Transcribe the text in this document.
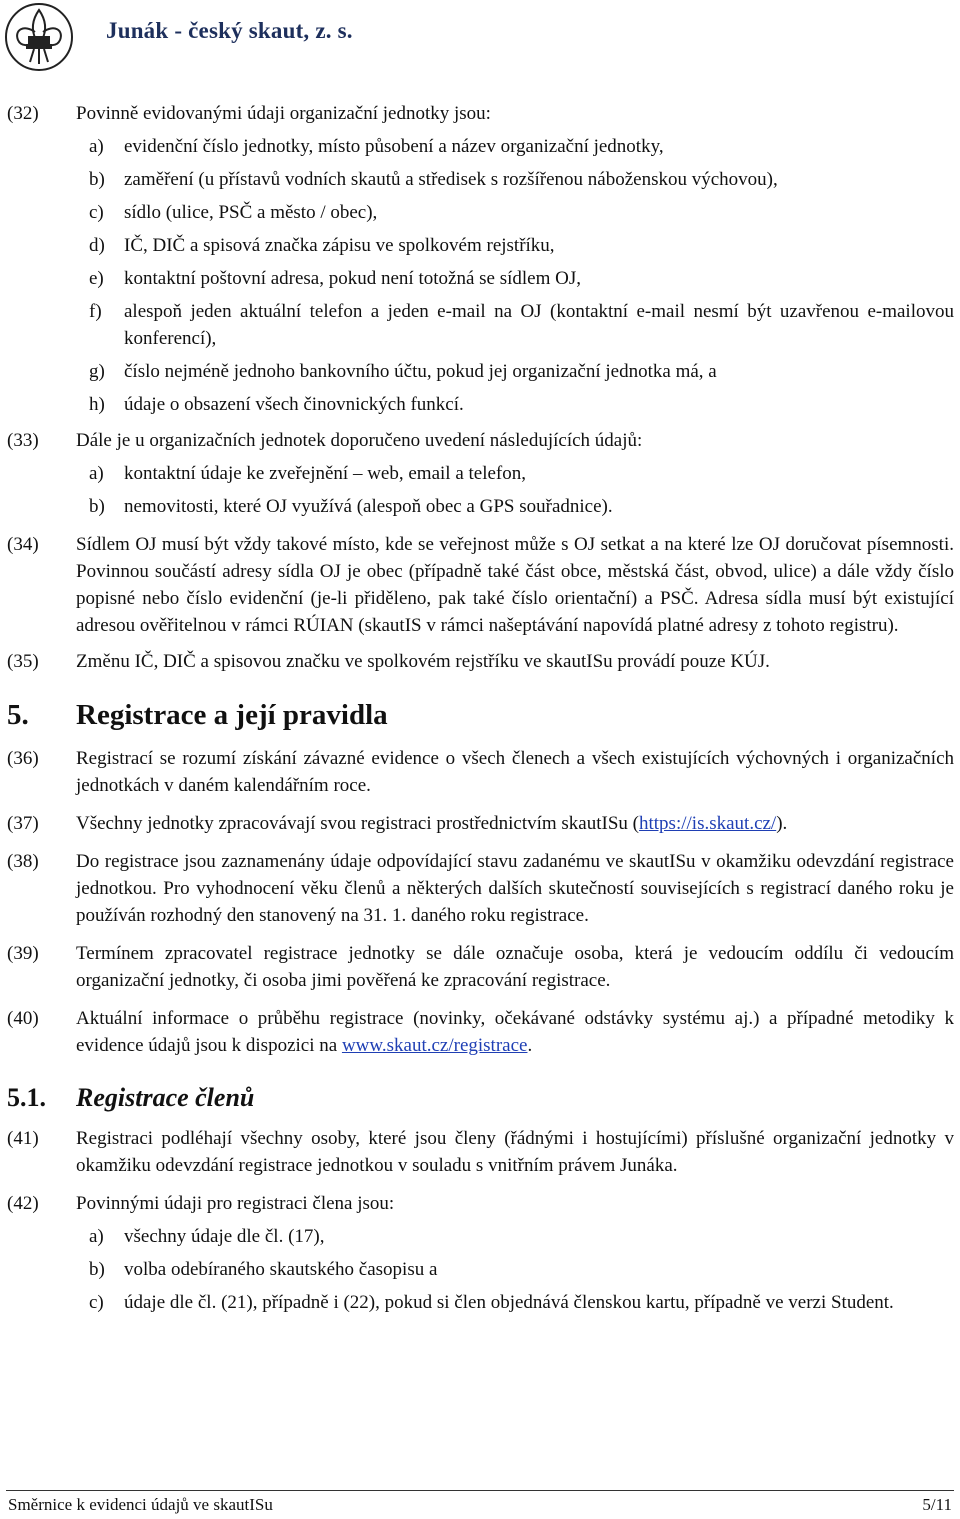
Junák - český skaut, z. s.
(32) Povinně evidovanými údaji organizační jednotky jsou:
a) evidenční číslo jednotky, místo působení a název organizační jednotky,
b) zaměření (u přístavů vodních skautů a středisek s rozšířenou náboženskou výchovou),
c) sídlo (ulice, PSČ a město / obec),
d) IČ, DIČ a spisová značka zápisu ve spolkovém rejstříku,
e) kontaktní poštovní adresa, pokud není totožná se sídlem OJ,
f) alespoň jeden aktuální telefon a jeden e-mail na OJ (kontaktní e-mail nesmí být uzavřenou e-mailovou konferencí),
g) číslo nejméně jednoho bankovního účtu, pokud jej organizační jednotka má, a
h) údaje o obsazení všech činovnických funkcí.
(33) Dále je u organizačních jednotek doporučeno uvedení následujících údajů:
a) kontaktní údaje ke zveřejnění – web, email a telefon,
b) nemovitosti, které OJ využívá (alespoň obec a GPS souřadnice).
(34) Sídlem OJ musí být vždy takové místo, kde se veřejnost může s OJ setkat a na které lze OJ doručovat písemnosti. Povinnou součástí adresy sídla OJ je obec (případně také část obce, městská část, obvod, ulice) a dále vždy číslo popisné nebo číslo evidenční (je-li přiděleno, pak také číslo orientační) a PSČ. Adresa sídla musí být existující adresou ověřitelnou v rámci RÚIAN (skautIS v rámci našeptávání napovídá platné adresy z tohoto registru).
(35) Změnu IČ, DIČ a spisovou značku ve spolkovém rejstříku ve skautISu provádí pouze KÚJ.
5. Registrace a její pravidla
(36) Registrací se rozumí získání závazné evidence o všech členech a všech existujících výchovných i organizačních jednotkách v daném kalendářním roce.
(37) Všechny jednotky zpracovávají svou registraci prostřednictvím skautISu (https://is.skaut.cz/).
(38) Do registrace jsou zaznamenány údaje odpovídající stavu zadanému ve skautISu v okamžiku odevzdání registrace jednotkou. Pro vyhodnocení věku členů a některých dalších skutečností souvisejících s registrací daného roku je používán rozhodný den stanovený na 31. 1. daného roku registrace.
(39) Termínem zpracovatel registrace jednotky se dále označuje osoba, která je vedoucím oddílu či vedoucím organizační jednotky, či osoba jimi pověřená ke zpracování registrace.
(40) Aktuální informace o průběhu registrace (novinky, očekávané odstávky systému aj.) a případné metodiky k evidence údajů jsou k dispozici na www.skaut.cz/registrace.
5.1. Registrace členů
(41) Registraci podléhají všechny osoby, které jsou členy (řádnými i hostujícími) příslušné organizační jednotky v okamžiku odevzdání registrace jednotkou v souladu s vnitřním právem Junáka.
(42) Povinnými údaji pro registraci člena jsou:
a) všechny údaje dle čl. (17),
b) volba odebíraného skautského časopisu a
c) údaje dle čl. (21), případně i (22), pokud si člen objednává členskou kartu, případně ve verzi Student.
Směrnice k evidenci údajů ve skautISu	5/11
